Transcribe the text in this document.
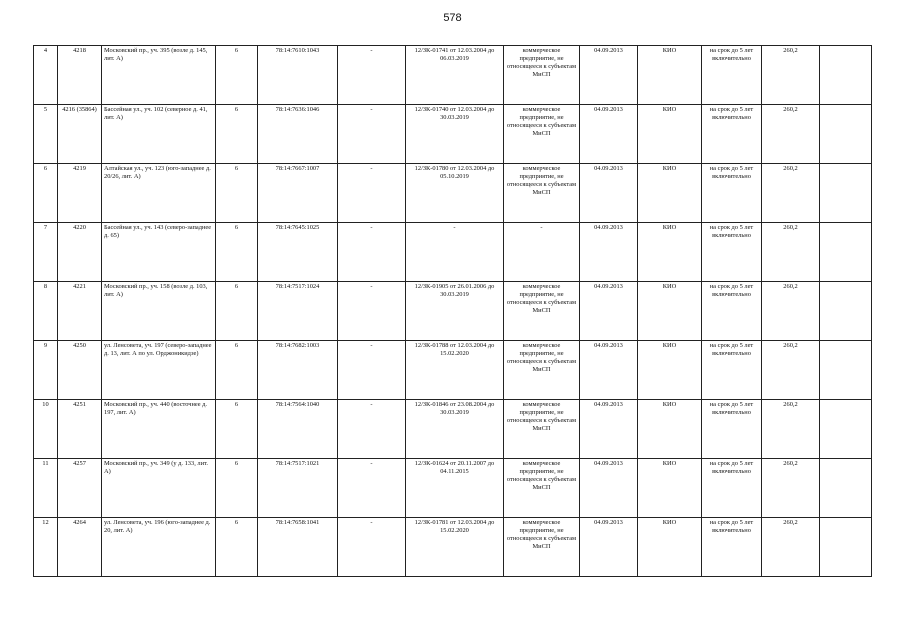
578
4	4218	Московский пр., уч. 395 (возле д. 145, лит. А)	6	78:14:7610:1043	-	12/ЗК-01741 от 12.03.2004 до 06.03.2019	коммерческое предприятие, не относящееся к субъектам МиСП	04.09.2013	КИО	на срок до 5 лет включительно	260,2	
5	4216 (35864)	Бассейная ул., уч. 102 (северное д. 41, лит. А)	6	78:14:7636:1046	-	12/ЗК-01740 от 12.03.2004 до 30.03.2019	коммерческое предприятие, не относящееся к субъектам МиСП	04.09.2013	КИО	на срок до 5 лет включительно	260,2	
6	4219	Алтайская ул., уч. 123 (юго-западнее д. 20/26, лит. А)	6	78:14:7667:1007	-	12/ЗК-01780 от 12.03.2004 до 05.10.2019	коммерческое предприятие, не относящееся к субъектам МиСП	04.09.2013	КИО	на срок до 5 лет включительно	260,2	
7	4220	Бассейная ул., уч. 143 (северо-западнее д. 65)	6	78:14:7645:1025	-	-	-	04.09.2013	КИО	на срок до 5 лет включительно	260,2	
8	4221	Московский пр., уч. 158 (возле д. 103, лит. А)	6	78:14:7517:1024	-	12/ЗК-01905 от 26.01.2006 до 30.03.2019	коммерческое предприятие, не относящееся к субъектам МиСП	04.09.2013	КИО	на срок до 5 лет включительно	260,2	
9	4250	ул. Ленсовета, уч. 197 (северо-западнее д. 13, лит. А по ул. Орджоникидзе)	6	78:14:7682:1003	-	12/ЗК-01788 от 12.03.2004 до 15.02.2020	коммерческое предприятие, не относящееся к субъектам МиСП	04.09.2013	КИО	на срок до 5 лет включительно	260,2	
10	4251	Московский пр., уч. 440 (восточнее д. 197, лит. А)	6	78:14:7564:1040	-	12/ЗК-01846 от 23.08.2004 до 30.03.2019	коммерческое предприятие, не относящееся к субъектам МиСП	04.09.2013	КИО	на срок до 5 лет включительно	260,2	
11	4257	Московский пр., уч. 349 (у д. 133, лит. А)	6	78:14:7517:1021	-	12/ЗК-01624 от 20.11.2007 до 04.11.2015	коммерческое предприятие, не относящееся к субъектам МиСП	04.09.2013	КИО	на срок до 5 лет включительно	260,2	
12	4264	ул. Ленсовета, уч. 196 (юго-западнее д. 20, лит. А)	6	78:14:7658:1041	-	12/ЗК-01781 от 12.03.2004 до 15.02.2020	коммерческое предприятие, не относящееся к субъектам МиСП	04.09.2013	КИО	на срок до 5 лет включительно	260,2	
